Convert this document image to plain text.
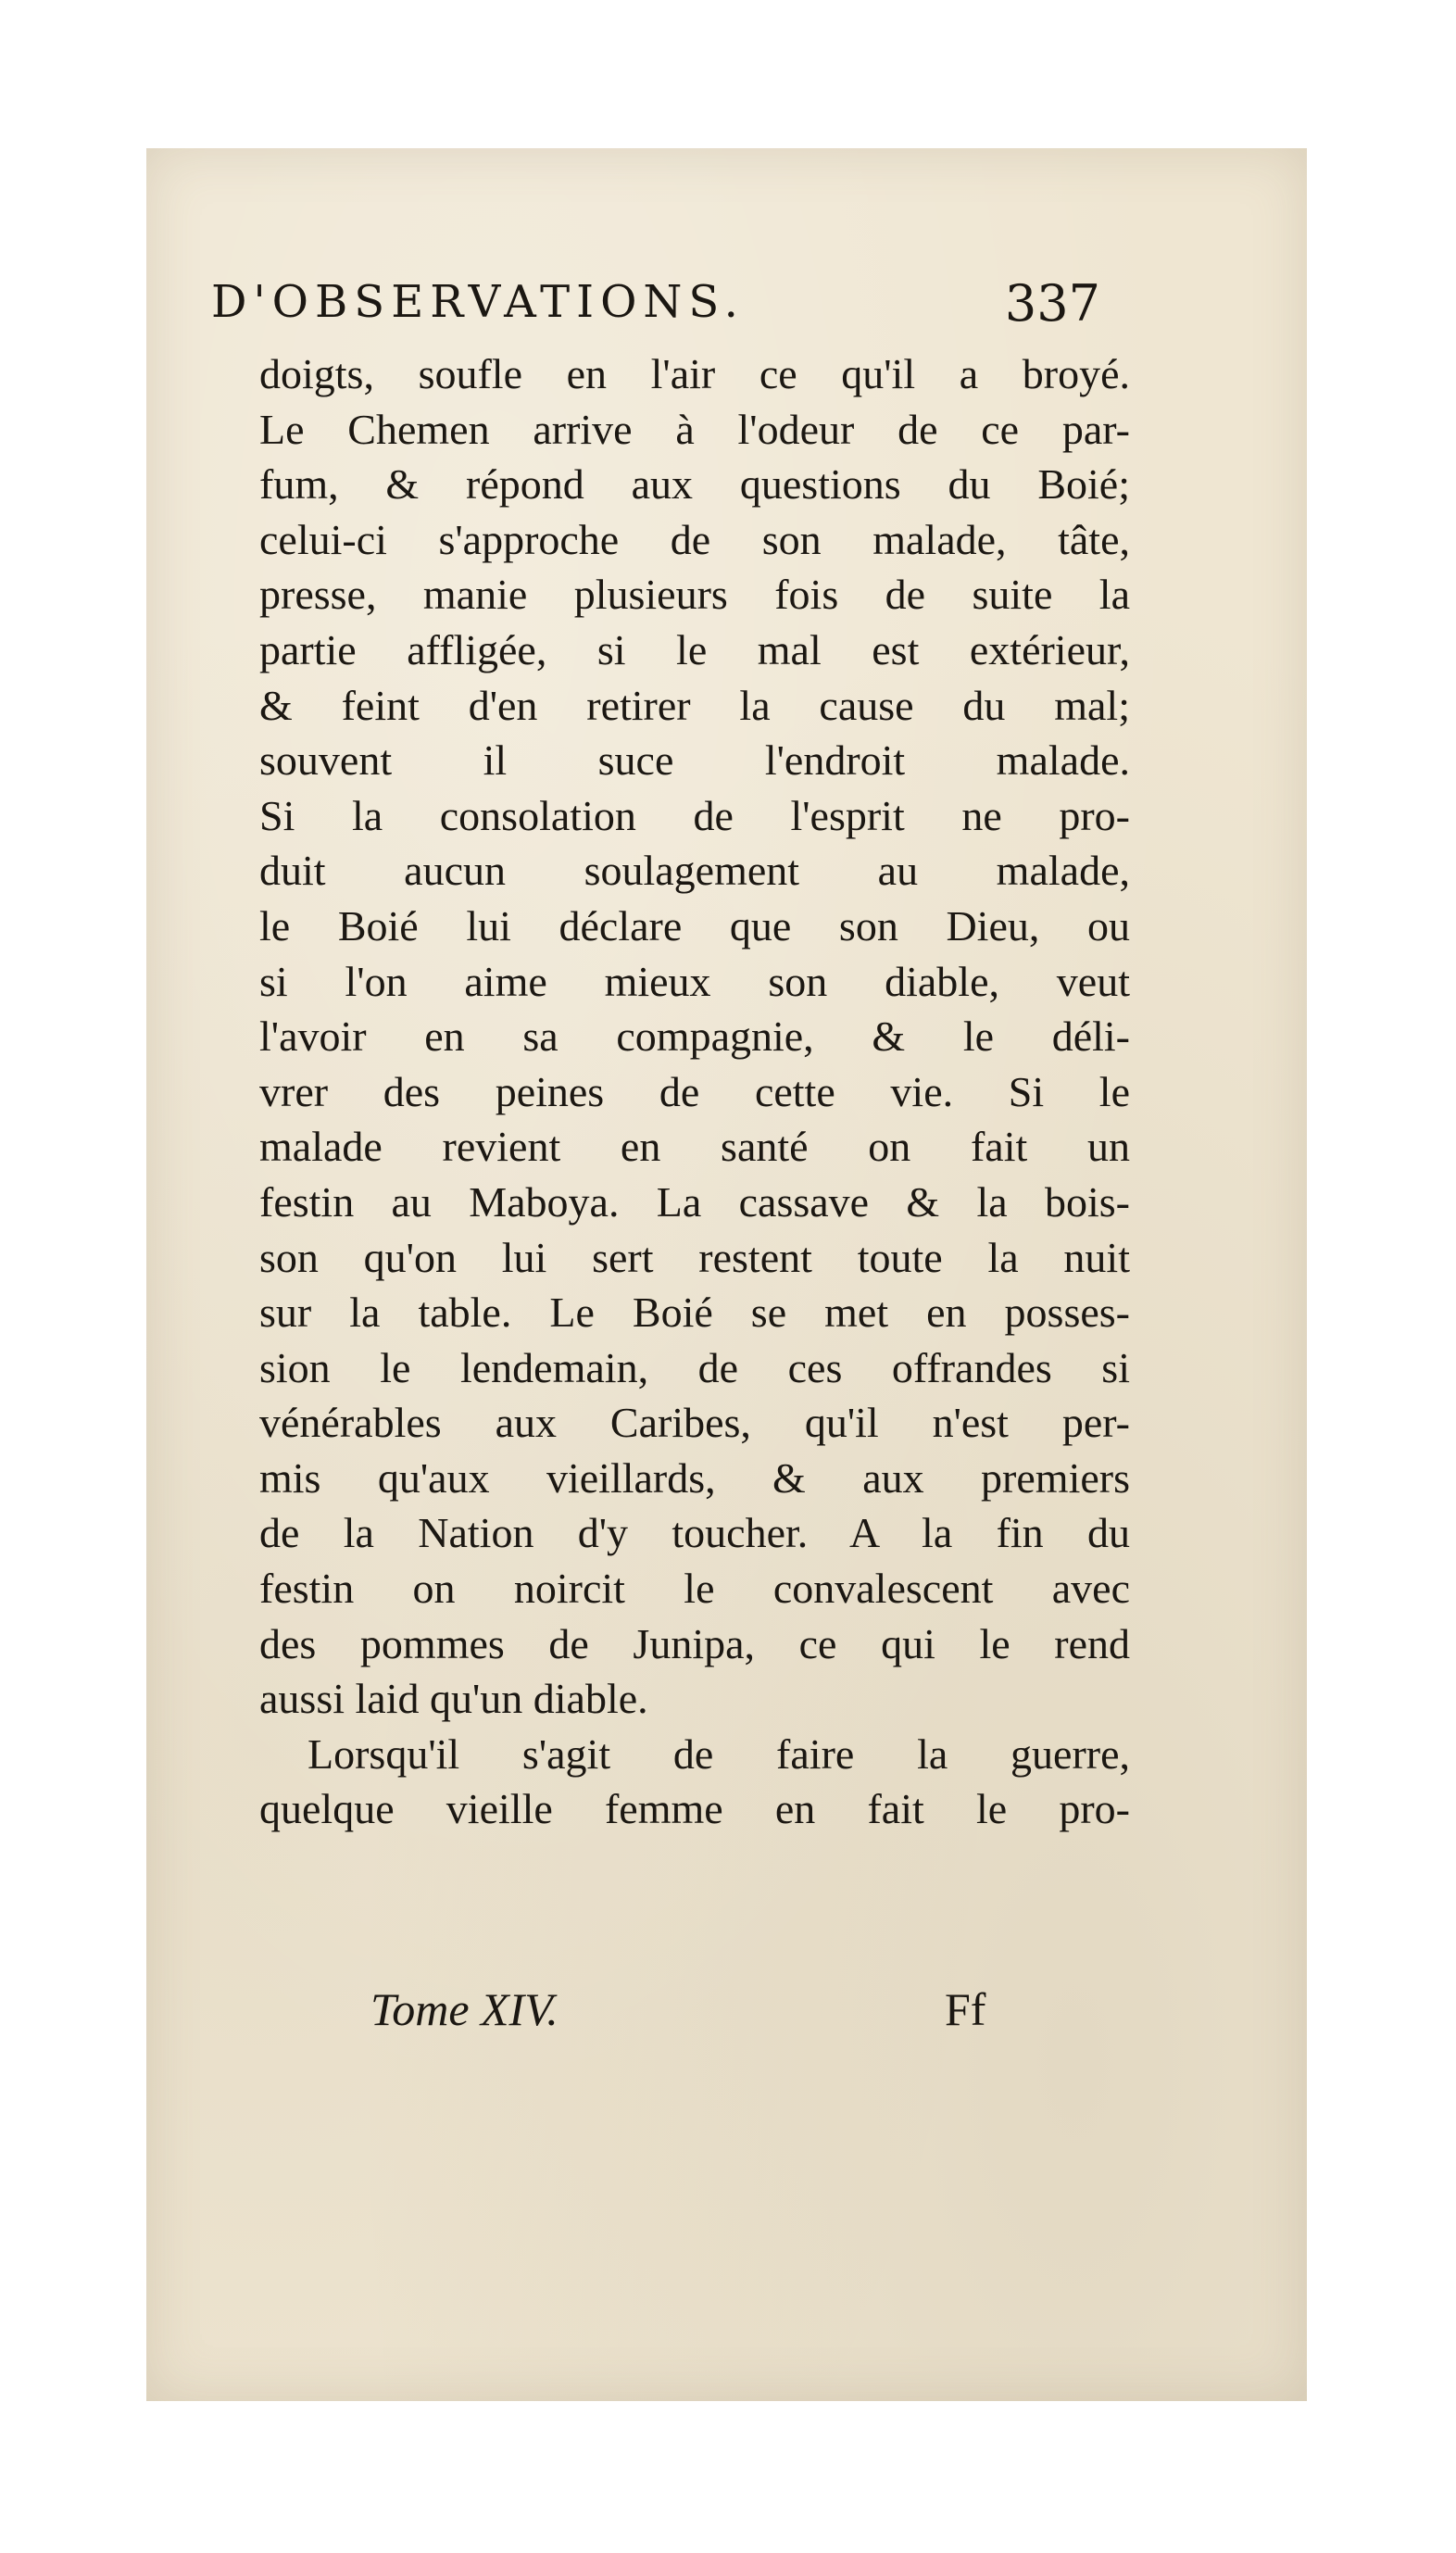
D'OBSERVATIONS.	337
doigts, soufle en l'air ce qu'il a broyé.
Le Chemen arrive à l'odeur de ce par-
fum, & répond aux questions du Boié;
celui-ci s'approche de son malade, tâte,
presse, manie plusieurs fois de suite la
partie affligée, si le mal est extérieur,
& feint d'en retirer la cause du mal;
souvent il suce l'endroit malade.
Si la consolation de l'esprit ne pro-
duit aucun soulagement au malade,
le Boié lui déclare que son Dieu, ou
si l'on aime mieux son diable, veut
l'avoir en sa compagnie, & le déli-
vrer des peines de cette vie. Si le
malade revient en santé on fait un
festin au Maboya. La cassave & la bois-
son qu'on lui sert restent toute la nuit
sur la table. Le Boié se met en posses-
sion le lendemain, de ces offrandes si
vénérables aux Caribes, qu'il n'est per-
mis qu'aux vieillards, & aux premiers
de la Nation d'y toucher. A la fin du
festin on noircit le convalescent avec
des pommes de Junipa, ce qui le rend
aussi laid qu'un diable.
Lorsqu'il s'agit de faire la guerre,
quelque vieille femme en fait le pro-
Tome XIV.	Ff
